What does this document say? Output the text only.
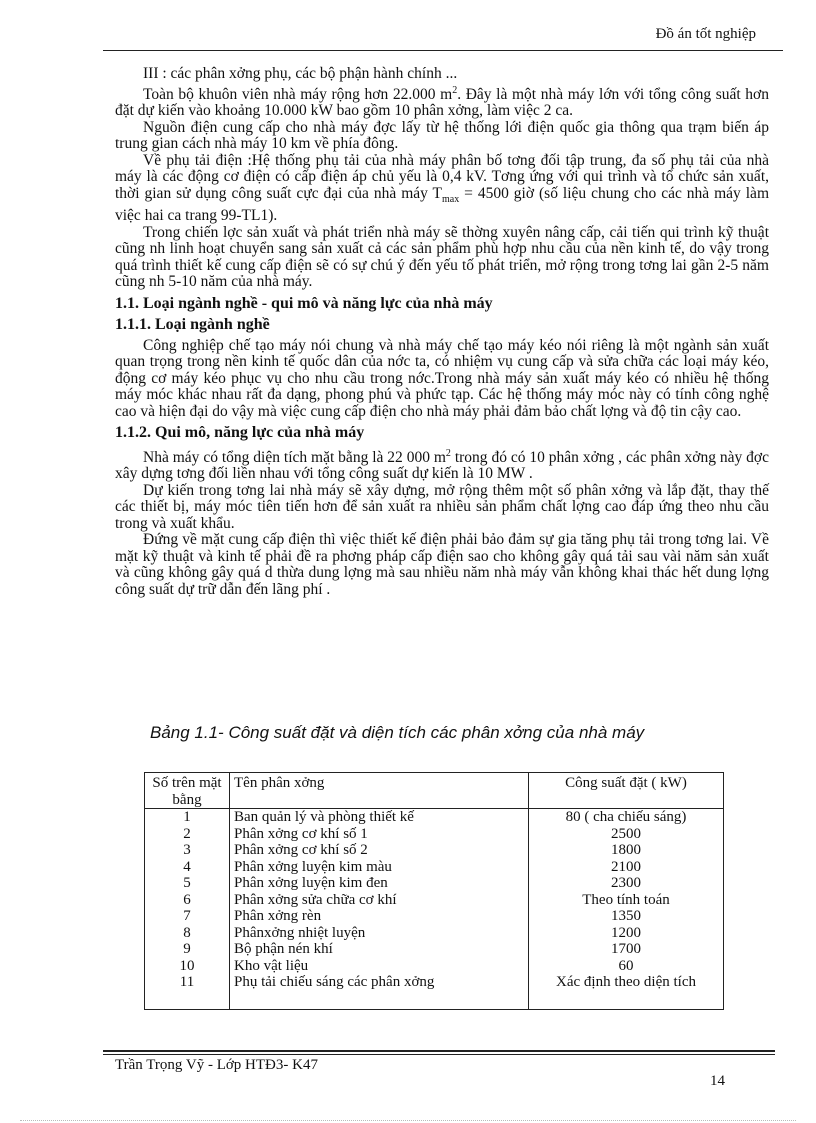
Đồ án tốt nghiệp

III : các phân xởng phụ, các bộ phận hành chính ...

Toàn bộ khuôn viên nhà máy rộng hơn 22.000 $m^2$. Đây là một nhà máy lớn với tổng công suất hơn đặt dự kiến vào khoảng 10.000 kW bao gồm 10 phân xởng, làm việc 2 ca.

Nguồn điện cung cấp cho nhà máy đợc lấy từ hệ thống lới điện quốc gia thông qua trạm biến áp trung gian cách nhà máy 10 km về phía đông.

Về phụ tải điện :Hệ thống phụ tải của nhà máy phân bố tơng đối tập trung, đa số phụ tải của nhà máy là các động cơ điện có cấp điện áp chủ yếu là 0,4 kV. Tơng ứng với qui trình và tổ chức sản xuất, thời gian sử dụng công suất cực đại của nhà máy $T_{max} = 4500$ giờ (số liệu chung cho các nhà máy làm việc hai ca trang 99-TL1).

Trong chiến lợc sản xuất và phát triển nhà máy sẽ thờng xuyên nâng cấp, cải tiến qui trình kỹ thuật cũng nh linh hoạt chuyển sang sản xuất cả các sản phẩm phù hợp nhu cầu của nền kinh tế, do vậy trong quá trình thiết kế cung cấp điện sẽ có sự chú ý đến yếu tố phát triển, mở rộng trong tơng lai gần 2-5 năm cũng nh 5-10 năm của nhà máy.

1.1. Loại ngành nghề - qui mô và năng lực của nhà máy
1.1.1. Loại ngành nghề

Công nghiệp chế tạo máy nói chung và nhà máy chế tạo máy kéo nói riêng là một ngành sản xuất quan trọng trong nền kinh tế quốc dân của nớc ta, có nhiệm vụ cung cấp và sửa chữa các loại máy kéo, động cơ máy kéo phục vụ cho nhu cầu trong nớc.Trong nhà máy sản xuất máy kéo có nhiều hệ thống máy móc khác nhau rất đa dạng, phong phú và phức tạp. Các hệ thống máy móc này có tính công nghệ cao và hiện đại do vậy mà việc cung cấp điện cho nhà máy phải đảm bảo chất lợng và độ tin cậy cao.

1.1.2. Qui mô, năng lực của nhà máy

Nhà máy có tổng diện tích mặt bằng là 22 000 $m^2$ trong đó có 10 phân xởng , các phân xởng này đợc xây dựng tơng đối liền nhau với tổng công suất dự kiến là 10 MW .

Dự kiến trong tơng lai nhà máy sẽ xây dựng, mở rộng thêm một số phân xởng và lắp đặt, thay thế các thiết bị, máy móc tiên tiến hơn để sản xuất ra nhiều sản phẩm chất lợng cao đáp ứng theo nhu cầu trong và xuất khẩu.

Đứng về mặt cung cấp điện thì việc thiết kế điện phải bảo đảm sự gia tăng phụ tải trong tơng lai. Về mặt kỹ thuật và kinh tế phải đề ra phơng pháp cấp điện sao cho không gây quá tải sau vài năm sản xuất và cũng không gây quá d thừa dung lợng mà sau nhiều năm nhà máy vẫn không khai thác hết dung lợng công suất dự trữ dẫn đến lãng phí .

Bảng 1.1- Công suất đặt và diện tích các phân xởng của nhà máy
Số trên mặt bằng	Tên phân xởng	Công suất đặt ( kW)
1	Ban quản lý và phòng thiết kế	80 ( cha chiếu sáng)
2	Phân xởng cơ khí số 1	2500
3	Phân xởng cơ khí số 2	1800
4	Phân xởng luyện kim màu	2100
5	Phân xởng luyện kim đen	2300
6	Phân xởng sửa chữa cơ khí	Theo tính toán
7	Phân xởng rèn	1350
8	Phânxởng nhiệt luyện	1200
9	Bộ phận nén khí	1700
10	Kho vật liệu	60
11	Phụ tải chiếu sáng các phân xởng	Xác định theo diện tích
Trần Trọng Vỹ - Lớp HTĐ3- K47
14
